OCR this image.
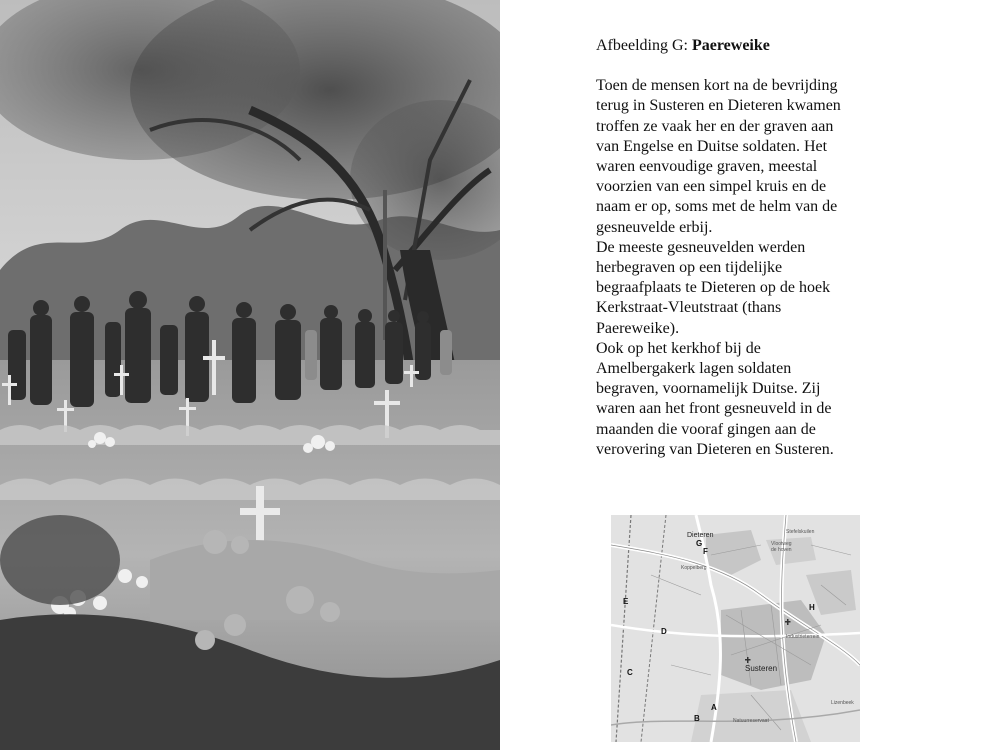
Afbeelding G: Paereweike

Toen de mensen kort na de bevrijding
terug in Susteren en Dieteren kwamen
troffen ze vaak her en der graven aan
van Engelse en Duitse soldaten. Het
waren eenvoudige graven, meestal
voorzien van een simpel kruis en de
naam er op, soms met de helm van de
gesneuvelde erbij.

De meeste gesneuvelden werden
herbegraven op een tijdelijke
begraafplaats te Dieteren op de hoek
Kerkstraat-Vleutstraat (thans
Paereweike).

Ook op het kerkhof bij de
Amelbergakerk lagen soldaten
begraven, voornamelijk Duitse. Zij
waren aan het front gesneuveld in de
maanden die vooraf gingen aan de
verovering van Dieteren en Susteren.

Dieteren
Susteren
Koppelberg
Vlootweg
de hoven
Stefelskuilen
Industrieterrein
Natuurreservaat
Lizenbeek
G
F
E
D
H
C
A
B
